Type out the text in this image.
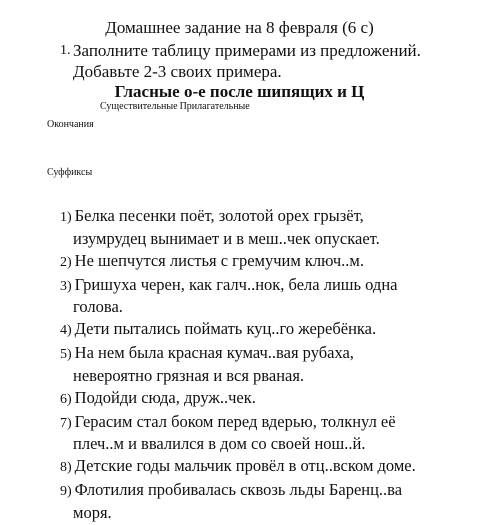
Домашнее задание на 8 февраля (6 с)
1. Заполните таблицу примерами из предложений. Добавьте 2-3 своих примера.
Гласные о-е после шипящих и Ц
Существительные Прилагательные
Окончания
Суффиксы
1) Белка песенки поёт, золотой орех грызёт,
изумрудец вынимает и в меш..чек опускает.
2) Не шепчутся листья с гремучим ключ..м.
3) Гришуха черен, как галч..нок, бела лишь одна
голова.
4) Дети пытались поймать куц..го жеребёнка.
5) На нем была красная кумач..вая рубаха,
невероятно грязная и вся рваная.
6) Подойди сюда, друж..чек.
7) Герасим стал боком перед вдерью, толкнул её
плеч..м и ввалился в дом со своей нош..й.
8) Детские годы мальчик провёл в отц..вском доме.
9) Флотилия пробивалась сквозь льды Баренц..ва
моря.
